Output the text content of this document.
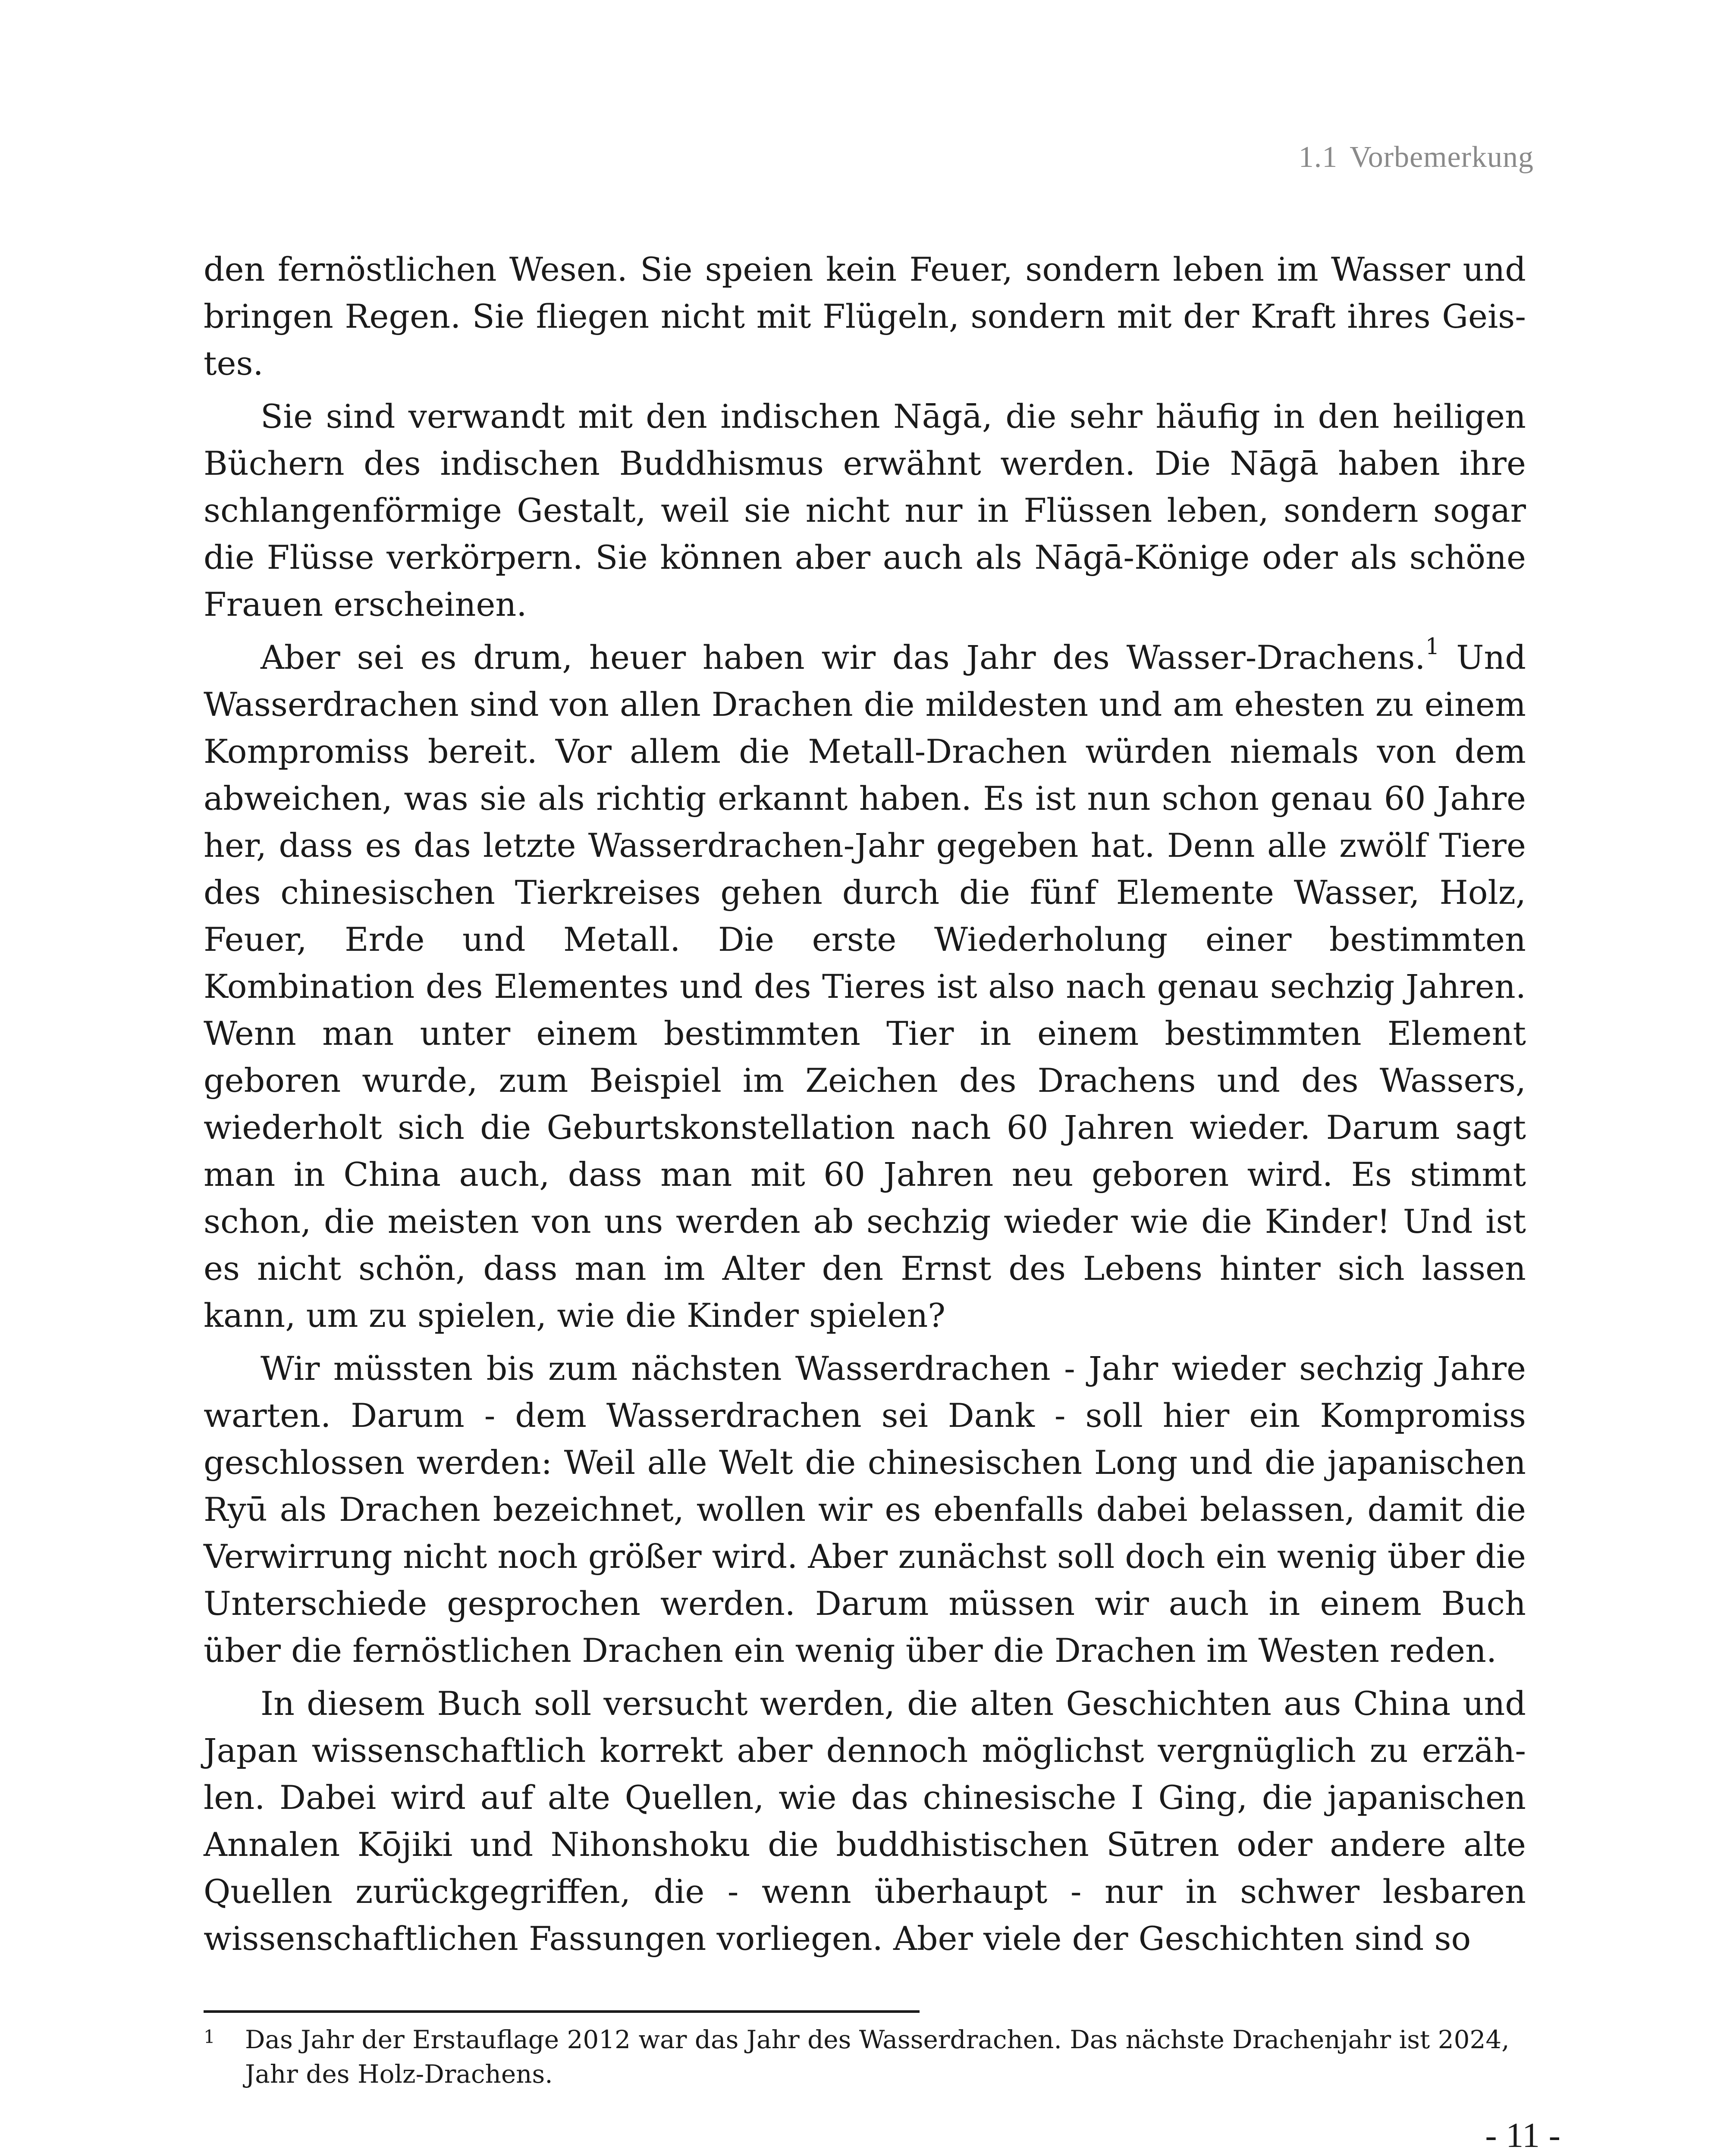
1.1 Vorbemerkung

den fernöstlichen Wesen. Sie speien kein Feuer, sondern leben im Wasser und bringen Regen. Sie fliegen nicht mit Flügeln, sondern mit der Kraft ihres Geistes.

Sie sind verwandt mit den indischen Nāgā, die sehr häufig in den heiligen Büchern des indischen Buddhismus erwähnt werden. Die Nāgā haben ihre schlangenförmige Gestalt, weil sie nicht nur in Flüssen leben, sondern sogar die Flüsse verkörpern. Sie können aber auch als Nāgā-Könige oder als schöne Frauen erscheinen.

Aber sei es drum, heuer haben wir das Jahr des Wasser-Drachens.$^1$ Und Wasserdrachen sind von allen Drachen die mildesten und am ehesten zu einem Kompromiss bereit. Vor allem die Metall-Drachen würden niemals von dem abweichen, was sie als richtig erkannt haben. Es ist nun schon genau 60 Jahre her, dass es das letzte Wasserdrachen-Jahr gegeben hat. Denn alle zwölf Tiere des chinesischen Tierkreises gehen durch die fünf Elemente Wasser, Holz, Feuer, Erde und Metall. Die erste Wiederholung einer bestimmten Kombination des Elementes und des Tieres ist also nach genau sechzig Jahren. Wenn man unter einem bestimmten Tier in einem bestimmten Element geboren wurde, zum Beispiel im Zeichen des Drachens und des Wassers, wiederholt sich die Geburtskonstellation nach 60 Jahren wieder. Darum sagt man in China auch, dass man mit 60 Jahren neu geboren wird. Es stimmt schon, die meisten von uns werden ab sechzig wieder wie die Kinder! Und ist es nicht schön, dass man im Alter den Ernst des Lebens hinter sich lassen kann, um zu spielen, wie die Kinder spielen?

Wir müssten bis zum nächsten Wasserdrachen - Jahr wieder sechzig Jahre warten. Darum - dem Wasserdrachen sei Dank - soll hier ein Kompromiss geschlossen werden: Weil alle Welt die chinesischen Long und die japanischen Ryū als Drachen bezeichnet, wollen wir es ebenfalls dabei belassen, damit die Verwirrung nicht noch größer wird. Aber zunächst soll doch ein wenig über die Unterschiede gesprochen werden. Darum müssen wir auch in einem Buch über die fernöstlichen Drachen ein wenig über die Drachen im Westen reden.

In diesem Buch soll versucht werden, die alten Geschichten aus China und Japan wissenschaftlich korrekt aber dennoch möglichst vergnüglich zu erzählen. Dabei wird auf alte Quellen, wie das chinesische I Ging, die japanischen Annalen Kōjiki und Nihonshoku die buddhistischen Sūtren oder andere alte Quellen zurückgegriffen, die - wenn überhaupt - nur in schwer lesbaren wissenschaftlichen Fassungen vorliegen. Aber viele der Geschichten sind so

1 Das Jahr der Erstauflage 2012 war das Jahr des Wasserdrachen. Das nächste Drachenjahr ist 2024, Jahr des Holz-Drachens.
- 11 -
